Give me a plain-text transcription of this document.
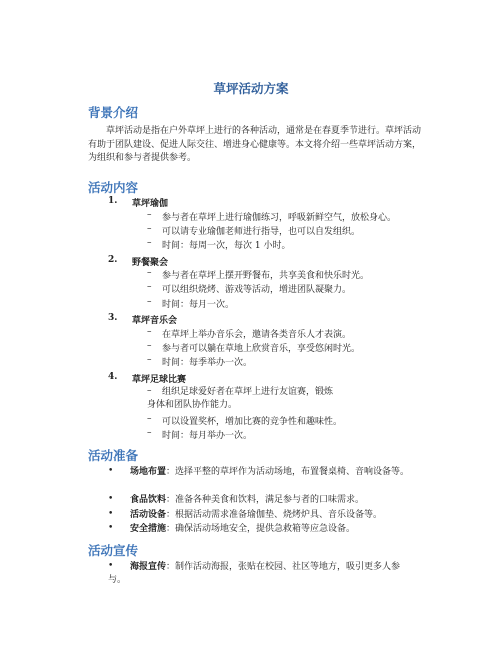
草坪活动方案
背景介绍
草坪活动是指在户外草坪上进行的各种活动，通常是在春夏季节进行。草坪活动有助于团队建设、促进人际交往、增进身心健康等。本文将介绍一些草坪活动方案，为组织和参与者提供参考。
活动内容
1. 草坪瑜伽
– 参与者在草坪上进行瑜伽练习，呼吸新鲜空气，放松身心。
– 可以请专业瑜伽老师进行指导，也可以自发组织。
– 时间：每周一次，每次 1 小时。
2. 野餐聚会
– 参与者在草坪上摆开野餐布，共享美食和快乐时光。
– 可以组织烧烤、游戏等活动，增进团队凝聚力。
– 时间：每月一次。
3. 草坪音乐会
– 在草坪上举办音乐会，邀请各类音乐人才表演。
– 参与者可以躺在草地上欣赏音乐，享受悠闲时光。
– 时间：每季举办一次。
4. 草坪足球比赛
–	组织足球爱好者在草坪上进行友谊赛，锻炼身体和团队协作能力。
– 可以设置奖杯，增加比赛的竞争性和趣味性。
– 时间：每月举办一次。
活动准备
•	场地布置：选择平整的草坪作为活动场地，布置餐桌椅、音响设备等。
• 食品饮料：准备各种美食和饮料，满足参与者的口味需求。
• 活动设备：根据活动需求准备瑜伽垫、烧烤炉具、音乐设备等。
• 安全措施：确保活动场地安全，提供急救箱等应急设备。
活动宣传
•	海报宣传：制作活动海报，张贴在校园、社区等地方，吸引更多人参与。
